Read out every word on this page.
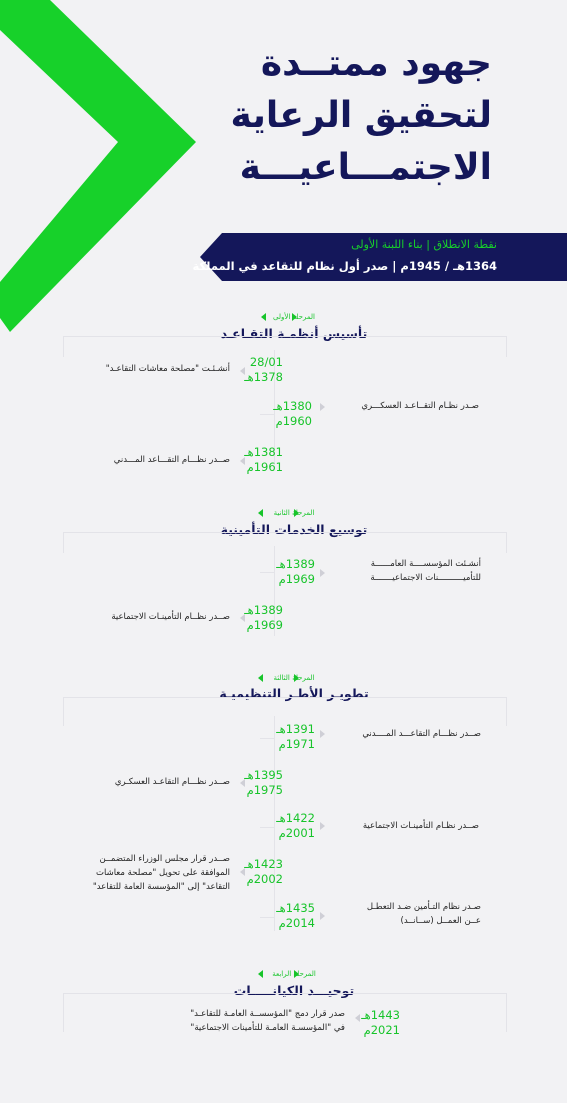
جهود ممتــدة
لتحقيق الرعاية
الاجتمـــاعيـــة
نقطة الانطلاق | بناء اللبنة الأولى
1364هـ / 1945م | صدر أول نظام للتقاعد في المملكة
المرحلة الأولى
تأسيس أنظمـة التقـاعـد
28/01
1378هـ
أنشـئـت "مصلحة معاشات التقاعـد"
1380هـ
1960م
صـدر نظـام التقــاعـد العسكـــري
1381هـ
1961م
صــدر نظـــام التقـــاعد المـــدني
المرحلة الثانية
توسيع الخدمات التأمينية
1389هـ
1969م
أنشـئت المؤسســــة العامــــــة
للتأميــــــــــنات الاجتماعيـــــــة
1389هـ
1969م
صــدر نظــام التأمينـات الاجتماعية
المرحلة الثالثة
تطويـر الأطـر التنظيميـة
1391هـ
1971م
صــدر نظـــام التقاعـــد المــــدني
1395هـ
1975م
صــدر نظـــام التقاعـد العسكـري
1422هـ
2001م	صــدر نظـام التأمينـات الاجتماعية
1423هـ
2002م
صــدر قرار مجلس الوزراء المتضمــن
الموافقة على تحويل "مصلحة معاشات
التقاعد" إلى "المؤسسة العامة للتقاعد"
1435هـ
2014م
صـدر نظام التـأمين ضـد التعطـل
عــن العمــل (ســانــد)
المرحلة الرابعة
توحيـــد الكيانـــــات
1443هـ
2021م
صدر قرار دمج "المؤسســة العامـة للتقاعـد"
في "المؤسسـة العامـة للتأمينات الاجتماعية"
